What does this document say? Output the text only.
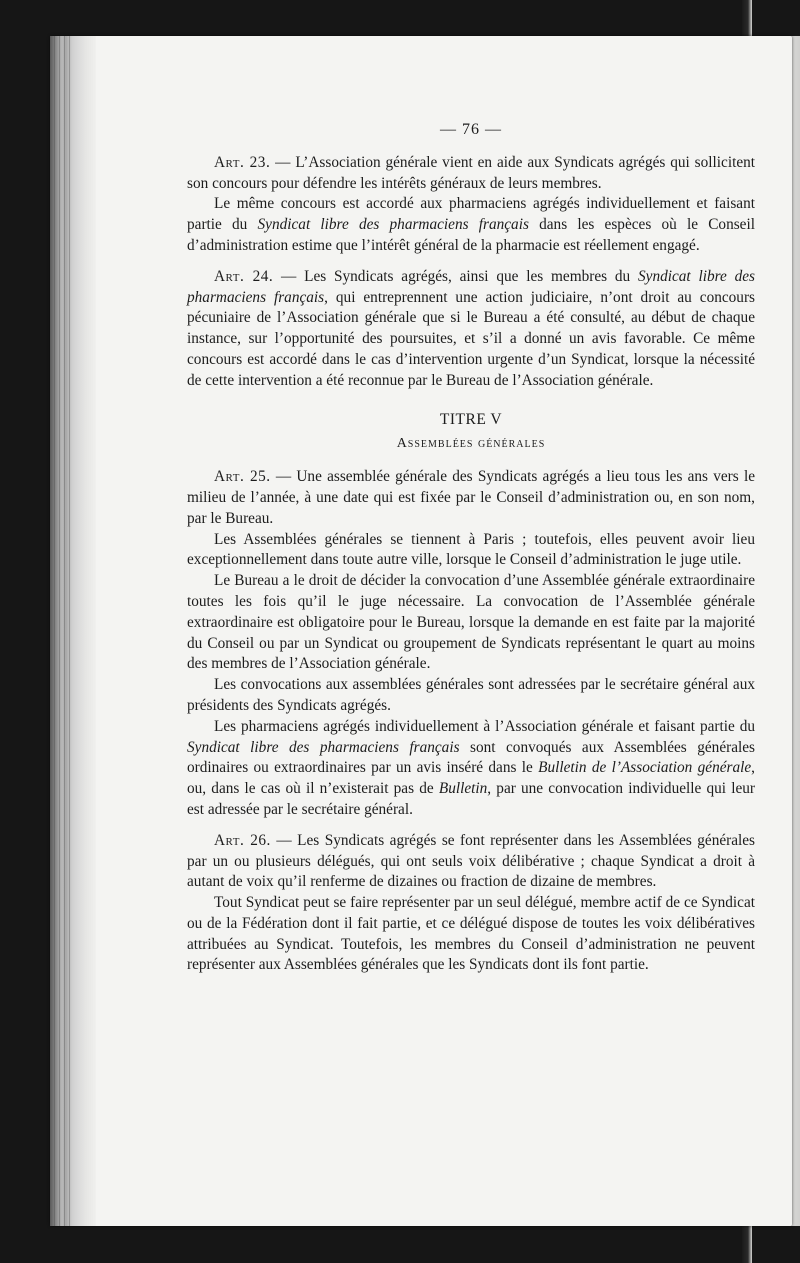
— 76 —

Art. 23. — L’Association générale vient en aide aux Syndicats agrégés qui sollicitent son concours pour défendre les intérêts généraux de leurs membres.

Le même concours est accordé aux pharmaciens agrégés individuellement et faisant partie du Syndicat libre des pharmaciens français dans les espèces où le Conseil d’administration estime que l’intérêt général de la pharmacie est réellement engagé.

Art. 24. — Les Syndicats agrégés, ainsi que les membres du Syndicat libre des pharmaciens français, qui entreprennent une action judiciaire, n’ont droit au concours pécuniaire de l’Association générale que si le Bureau a été consulté, au début de chaque instance, sur l’opportunité des poursuites, et s’il a donné un avis favorable. Ce même concours est accordé dans le cas d’intervention urgente d’un Syndicat, lorsque la nécessité de cette intervention a été reconnue par le Bureau de l’Association générale.

TITRE V
Assemblées générales

Art. 25. — Une assemblée générale des Syndicats agrégés a lieu tous les ans vers le milieu de l’année, à une date qui est fixée par le Conseil d’administration ou, en son nom, par le Bureau.

Les Assemblées générales se tiennent à Paris ; toutefois, elles peuvent avoir lieu exceptionnellement dans toute autre ville, lorsque le Conseil d’administration le juge utile.

Le Bureau a le droit de décider la convocation d’une Assemblée générale extraordinaire toutes les fois qu’il le juge nécessaire. La convocation de l’Assemblée générale extraordinaire est obligatoire pour le Bureau, lorsque la demande en est faite par la majorité du Conseil ou par un Syndicat ou groupement de Syndicats représentant le quart au moins des membres de l’Association générale.

Les convocations aux assemblées générales sont adressées par le secrétaire général aux présidents des Syndicats agrégés.

Les pharmaciens agrégés individuellement à l’Association générale et faisant partie du Syndicat libre des pharmaciens français sont convoqués aux Assemblées générales ordinaires ou extraordinaires par un avis inséré dans le Bulletin de l’Association générale, ou, dans le cas où il n’existerait pas de Bulletin, par une convocation individuelle qui leur est adressée par le secrétaire général.

Art. 26. — Les Syndicats agrégés se font représenter dans les Assemblées générales par un ou plusieurs délégués, qui ont seuls voix délibérative ; chaque Syndicat a droit à autant de voix qu’il renferme de dizaines ou fraction de dizaine de membres.

Tout Syndicat peut se faire représenter par un seul délégué, membre actif de ce Syndicat ou de la Fédération dont il fait partie, et ce délégué dispose de toutes les voix délibératives attribuées au Syndicat. Toutefois, les membres du Conseil d’administration ne peuvent représenter aux Assemblées générales que les Syndicats dont ils font partie.
